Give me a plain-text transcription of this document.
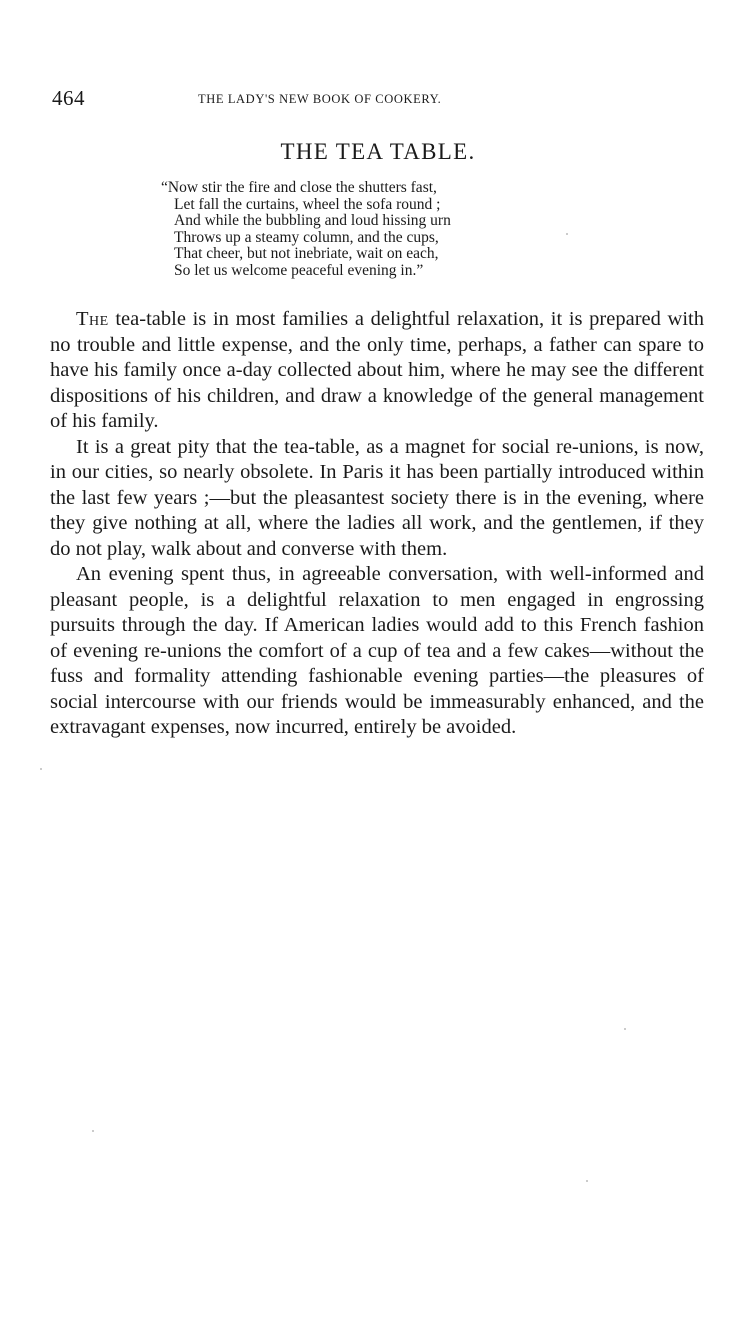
464	THE LADY'S NEW BOOK OF COOKERY.
THE TEA TABLE.
“Now stir the fire and close the shutters fast,
Let fall the curtains, wheel the sofa round ;
And while the bubbling and loud hissing urn
Throws up a steamy column, and the cups,
That cheer, but not inebriate, wait on each,
So let us welcome peaceful evening in.”

The tea-table is in most families a delightful relaxation, it is prepared with no trouble and little expense, and the only time, perhaps, a father can spare to have his family once a-day collected about him, where he may see the different dispositions of his children, and draw a knowledge of the general management of his family.

It is a great pity that the tea-table, as a magnet for social re-unions, is now, in our cities, so nearly obsolete. In Paris it has been partially introduced within the last few years ;—but the pleasantest society there is in the evening, where they give nothing at all, where the ladies all work, and the gentlemen, if they do not play, walk about and converse with them.

An evening spent thus, in agreeable conversation, with well-informed and pleasant people, is a delightful relaxation to men engaged in engrossing pursuits through the day. If American ladies would add to this French fashion of evening re-unions the comfort of a cup of tea and a few cakes—without the fuss and formality attending fashionable evening parties—the pleasures of social intercourse with our friends would be immeasurably enhanced, and the extravagant expenses, now incurred, entirely be avoided.
